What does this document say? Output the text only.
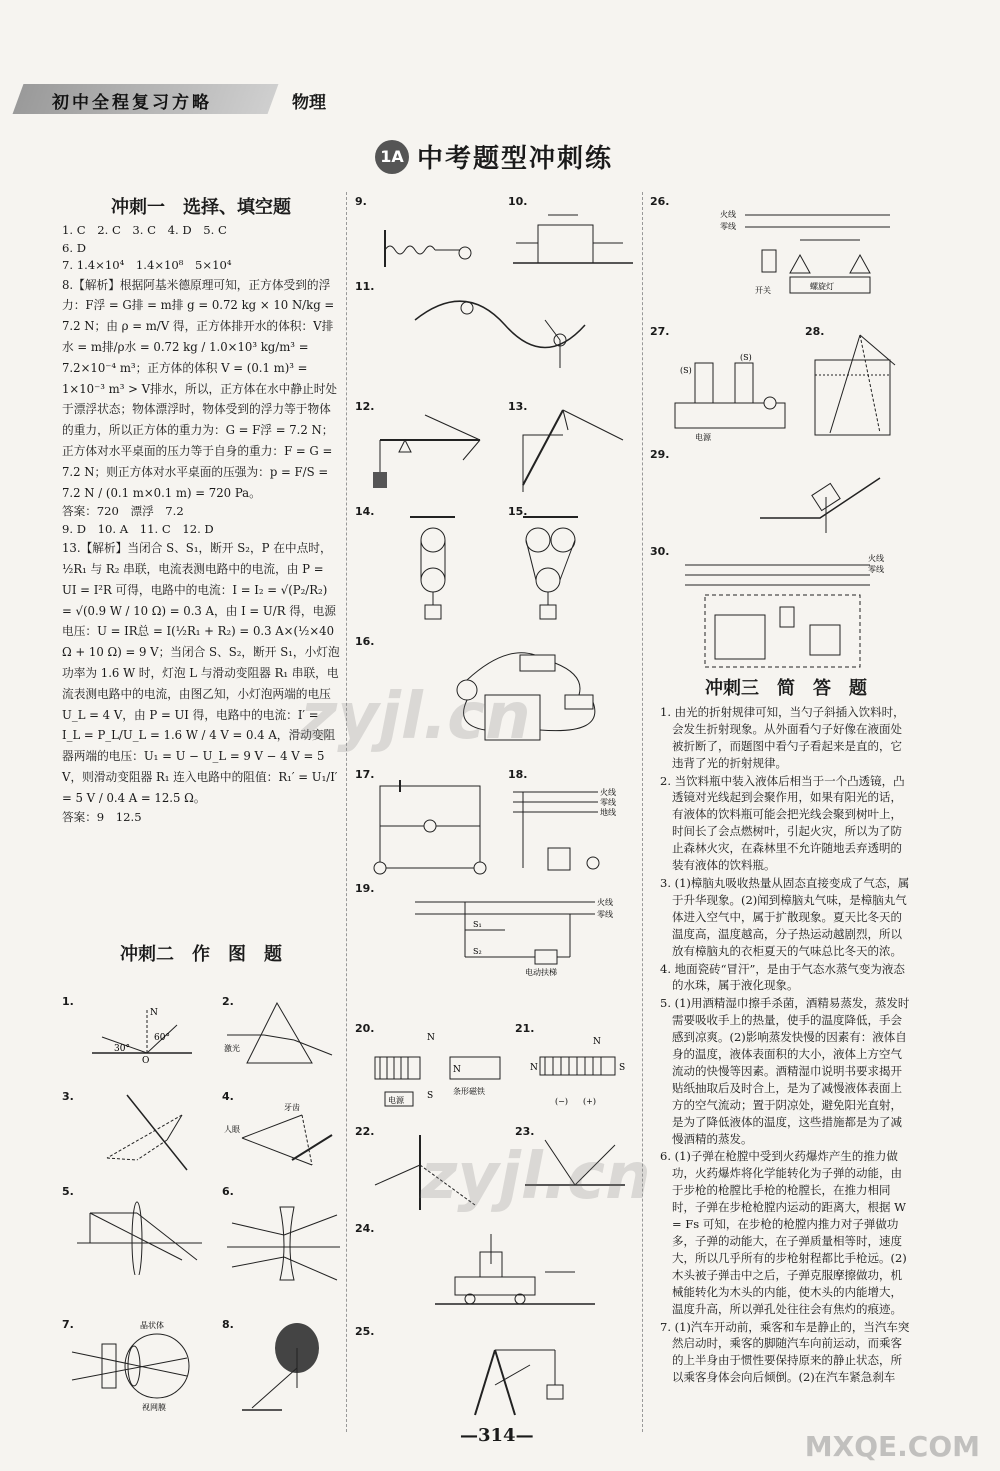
初中全程复习方略	物理
1A 中考题型冲刺练
冲刺一　选择、填空题

1. C　2. C　3. C　4. D　5. C

6. D

7. 1.4×10⁴　1.4×10⁸　5×10⁴

8.【解析】根据阿基米德原理可知，正方体受到的浮力：F浮 = G排 = m排 g = 0.72 kg × 10 N/kg = 7.2 N；由 ρ = m/V 得，正方体排开水的体积：V排水 = m排/ρ水 = 0.72 kg / 1.0×10³ kg/m³ = 7.2×10⁻⁴ m³；正方体的体积 V = (0.1 m)³ = 1×10⁻³ m³ > V排水，所以，正方体在水中静止时处于漂浮状态；物体漂浮时，物体受到的浮力等于物体的重力，所以正方体的重力为：G = F浮 = 7.2 N；正方体对水平桌面的压力等于自身的重力：F = G = 7.2 N；则正方体对水平桌面的压强为：p = F/S = 7.2 N / (0.1 m×0.1 m) = 720 Pa。

答案：720　漂浮　7.2

9. D　10. A　11. C　12. D

13.【解析】当闭合 S、S₁，断开 S₂，P 在中点时，½R₁ 与 R₂ 串联，电流表测电路中的电流，由 P = UI = I²R 可得，电路中的电流：I = I₂ = √(P₂/R₂) = √(0.9 W / 10 Ω) = 0.3 A，由 I = U/R 得，电源电压：U = IR总 = I(½R₁ + R₂) = 0.3 A×(½×40 Ω + 10 Ω) = 9 V；当闭合 S、S₂，断开 S₁，小灯泡功率为 1.6 W 时，灯泡 L 与滑动变阻器 R₁ 串联，电流表测电路中的电流，由图乙知，小灯泡两端的电压 U_L = 4 V，由 P = UI 得，电路中的电流：I′ = I_L = P_L/U_L = 1.6 W / 4 V = 0.4 A，滑动变阻器两端的电压：U₁ = U − U_L = 9 V − 4 V = 5 V，则滑动变阻器 R₁ 连入电路中的阻值：R₁′ = U₁/I′ = 5 V / 0.4 A = 12.5 Ω。

答案：9　12.5

冲刺二　作　图　题
1.
N
60°
30°
O
2.
激光
3.	4.
人眼
牙齿
5.	6.
7.	晶状体
视网膜
8.
9.	10.
11.
12.	13.
14.	15.
16.
17.	18.
火线
零线
地线
19.
火线
零线
S₁
S₂
电动扶梯
20.
N
N
S
电源
条形磁铁
21.
N
N	S
(−) (+)
22.	23.
24.
25.
26.
火线
零线
开关	螺旋灯
27.
(S)
(S)
电源
28.
29.
30.
火线
零线
冲刺三　简　答　题

1. 由光的折射规律可知，当勺子斜插入饮料时，会发生折射现象。从外面看勺子好像在液面处被折断了，而题图中看勺子看起来是直的，它违背了光的折射规律。

2. 当饮料瓶中装入液体后相当于一个凸透镜，凸透镜对光线起到会聚作用，如果有阳光的话，有液体的饮料瓶可能会把光线会聚到树叶上，时间长了会点燃树叶，引起火灾，所以为了防止森林火灾，在森林里不允许随地丢弃透明的装有液体的饮料瓶。

3. (1)樟脑丸吸收热量从固态直接变成了气态，属于升华现象。(2)闻到樟脑丸气味，是樟脑丸气体进入空气中，属于扩散现象。夏天比冬天的温度高，温度越高，分子热运动越剧烈，所以放有樟脑丸的衣柜夏天的气味总比冬天的浓。

4. 地面瓷砖“冒汗”，是由于气态水蒸气变为液态的水珠，属于液化现象。

5. (1)用酒精湿巾擦手杀菌，酒精易蒸发，蒸发时需要吸收手上的热量，使手的温度降低，手会感到凉爽。(2)影响蒸发快慢的因素有：液体自身的温度，液体表面积的大小，液体上方空气流动的快慢等因素。酒精湿巾说明书要求揭开贴纸抽取后及时合上，是为了减慢液体表面上方的空气流动；置于阴凉处，避免阳光直射，是为了降低液体的温度，这些措施都是为了减慢酒精的蒸发。

6. (1)子弹在枪膛中受到火药爆炸产生的推力做功，火药爆炸将化学能转化为子弹的动能，由于步枪的枪膛比手枪的枪膛长，在推力相同时，子弹在步枪枪膛内运动的距离大，根据 W = Fs 可知，在步枪的枪膛内推力对子弹做功多，子弹的动能大，在子弹质量相等时，速度大，所以几乎所有的步枪射程都比手枪远。(2)木头被子弹击中之后，子弹克服摩擦做功，机械能转化为木头的内能，使木头的内能增大，温度升高，所以弹孔处往往会有焦灼的痕迹。

7. (1)汽车开动前，乘客和车是静止的，当汽车突然启动时，乘客的脚随汽车向前运动，而乘客的上半身由于惯性要保持原来的静止状态，所以乘客身体会向后倾倒。(2)在汽车紧急刹车

zyjl.cn
zyjl.cn
MXQE.COM
—314—
